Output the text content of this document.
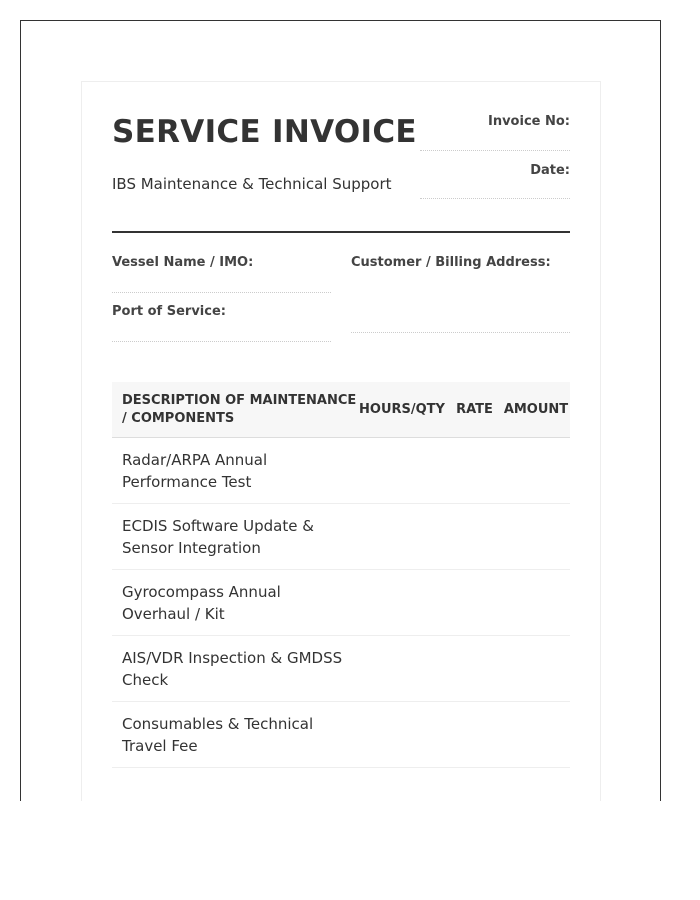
SERVICE INVOICE
IBS Maintenance & Technical Support
Invoice No:
Date:
Vessel Name / IMO:
Port of Service:
Customer / Billing Address:
DESCRIPTION OF MAINTENANCE / COMPONENTS	HOURS/QTY	RATE	AMOUNT
Radar/ARPA Annual Performance Test			
ECDIS Software Update & Sensor Integration			
Gyrocompass Annual Overhaul / Kit			
AIS/VDR Inspection & GMDSS Check			
Consumables & Technical Travel Fee			
